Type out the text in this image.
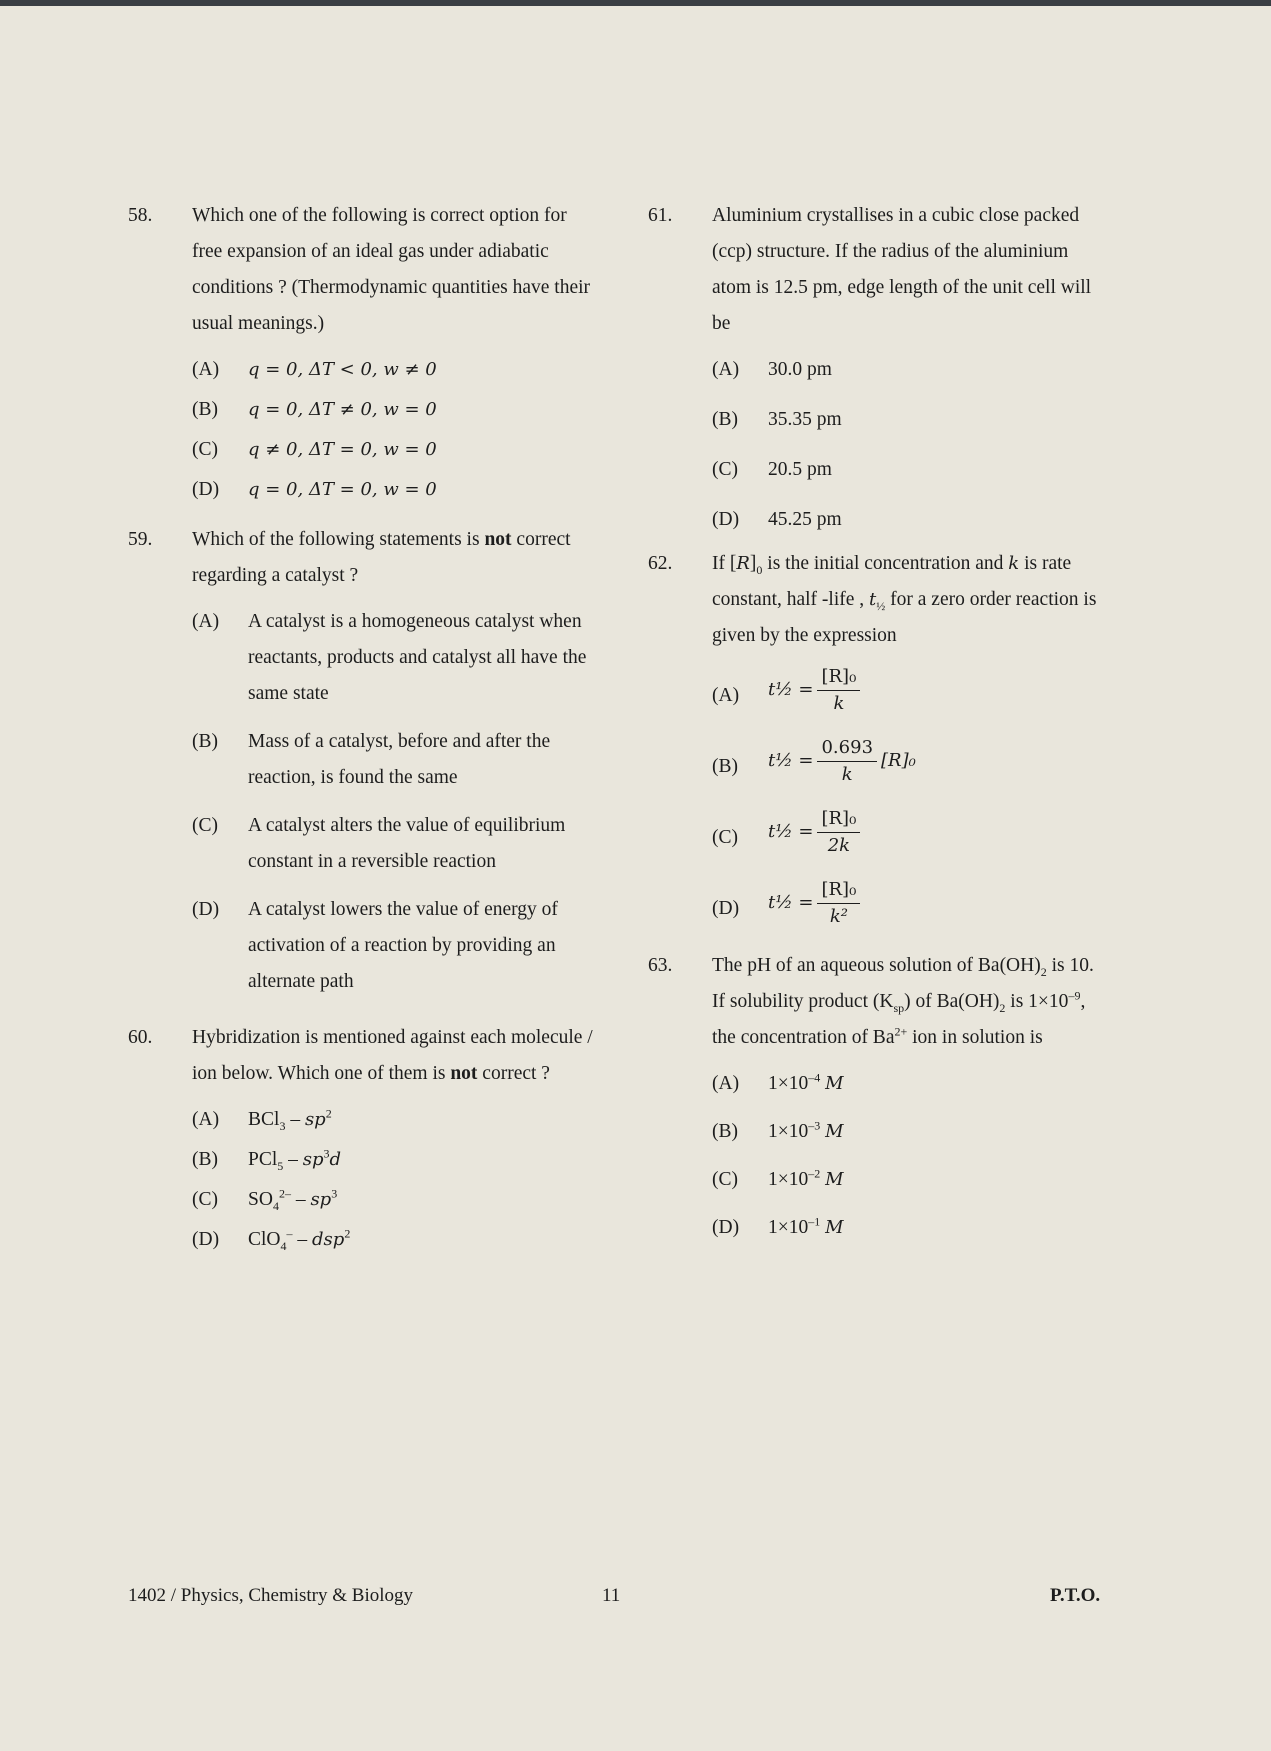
58. Which one of the following is correct option for free expansion of an ideal gas under adiabatic conditions ? (Thermodynamic quantities have their usual meanings.)

(A) q = 0, ΔT < 0, w ≠ 0
(B) q = 0, ΔT ≠ 0, w = 0
(C) q ≠ 0, ΔT = 0, w = 0
(D) q = 0, ΔT = 0, w = 0
59. Which of the following statements is not correct regarding a catalyst ?

(A) A catalyst is a homogeneous catalyst when reactants, products and catalyst all have the same state
(B) Mass of a catalyst, before and after the reaction, is found the same
(C) A catalyst alters the value of equilibrium constant in a reversible reaction
(D) A catalyst lowers the value of energy of activation of a reaction by providing an alternate path
60. Hybridization is mentioned against each molecule / ion below. Which one of them is not correct ?

(A) $BCl_3 - sp^2$
(B) $PCl_5 - sp^3d$
(C) $SO_4^{2-} - sp^3$
(D) ClO$_4$– – dsp$^2$
61. Aluminium crystallises in a cubic close packed (ccp) structure. If the radius of the aluminium atom is 12.5 pm, edge length of the unit cell will be

(A) 30.0 pm
(B) 35.35 pm
(C) 20.5 pm
(D) 45.25 pm
62. If $[R]_0$ is the initial concentration and k is rate constant, half -life , $t_{\frac{1}{2}}$ for a zero order reaction is given by the expression

(A) t½ = $\frac{\text{[R]₀}}{k}$
(B) t½ = $\frac{0.693}{k} [R]_0$
(C) t½ = $\frac{\text{[R]₀}}{2k}$
(D) t½ = $\frac{\text{[R]₀}}{\text{k²}}$
63. The pH of an aqueous solution of $Ba(OH)_2$ is 10. If solubility product $(K_{sp})$ of $Ba(OH)_2$ is $1\times 10^{-9}$, the concentration of $Ba^{2+}$ ion in solution is

(A) $1\times 10^{-4}$ M
(B) $1\times 10^{-3}$ M
(C) $1\times 10^{-2}$ M
(D) $1\times 10^{-1}$ M
1402 / Physics, Chemistry & Biology	11	P.T.O.
